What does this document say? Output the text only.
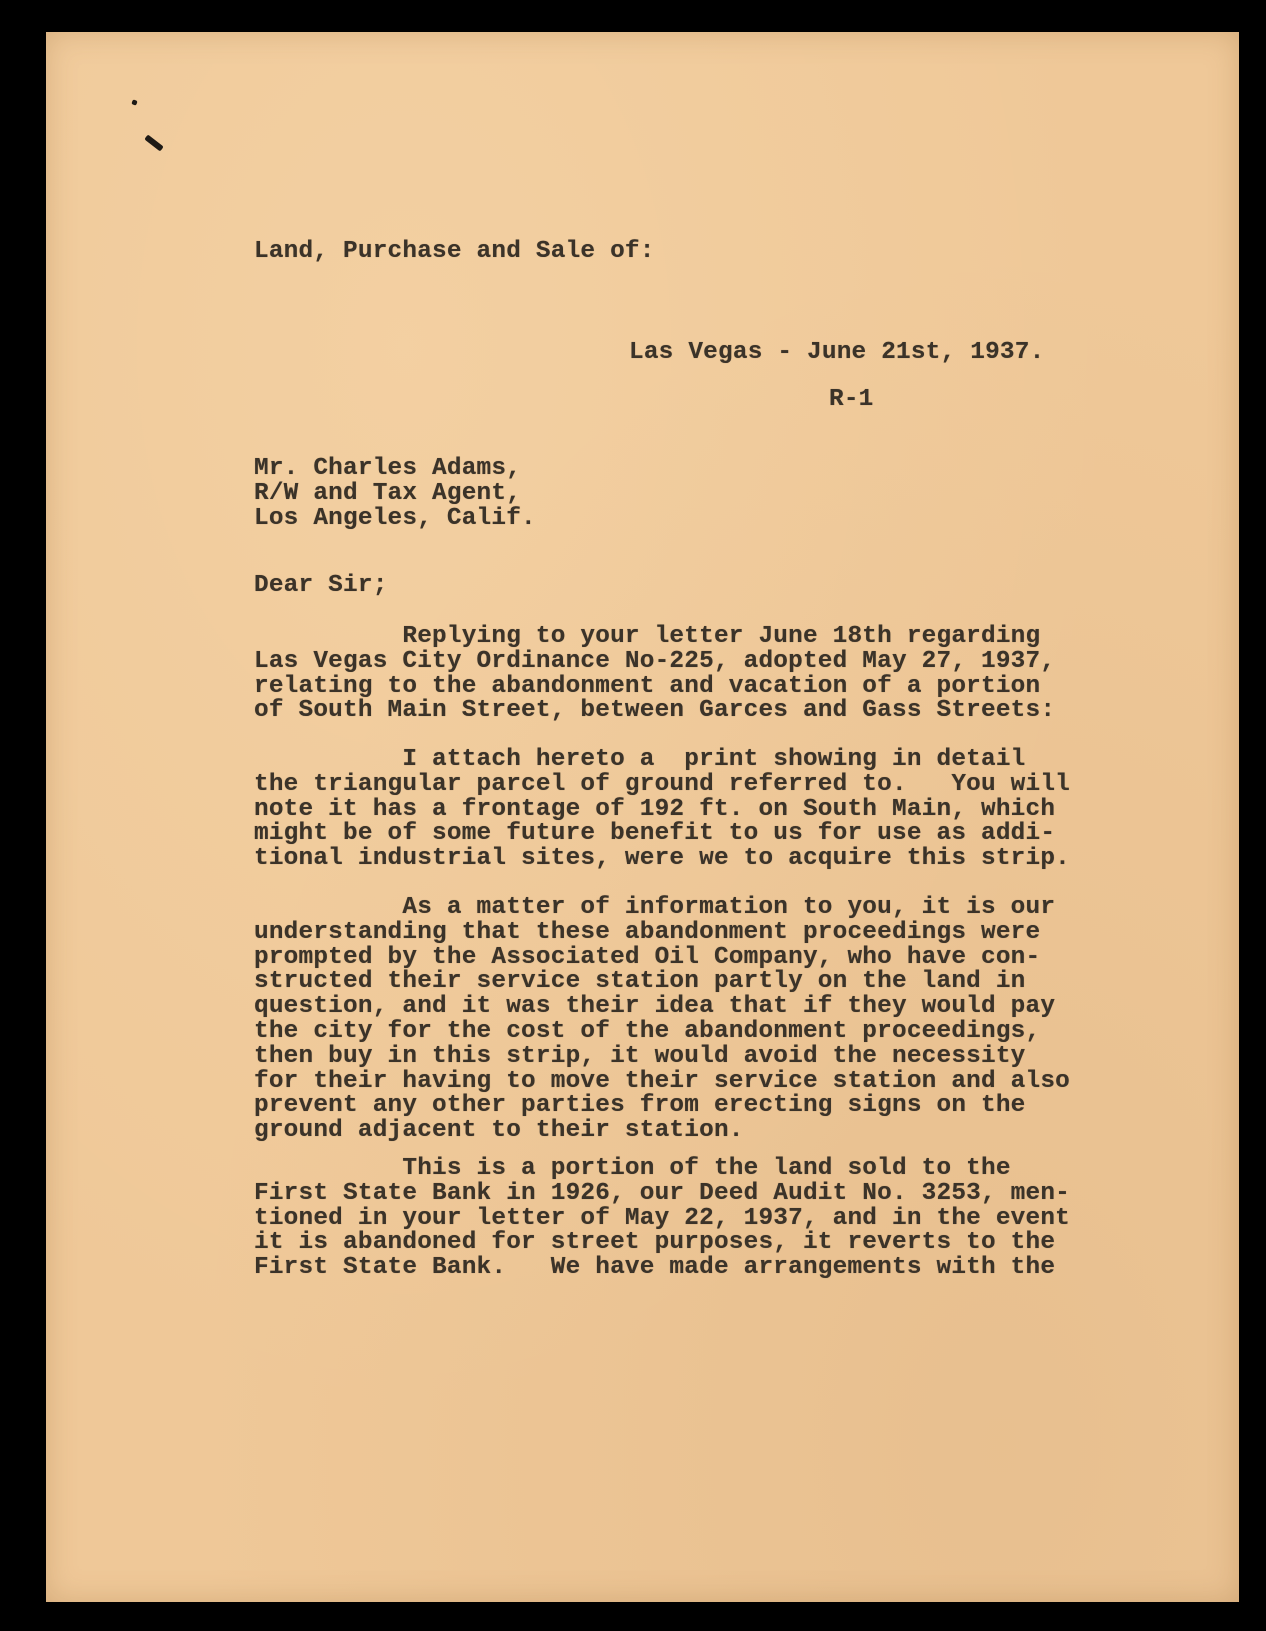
Land, Purchase and Sale of:
Las Vegas - June 21st, 1937.
R-1
Mr. Charles Adams,
R/W and Tax Agent,
Los Angeles, Calif.
Dear Sir;
Replying to your letter June 18th regarding
Las Vegas City Ordinance No-225, adopted May 27, 1937,
relating to the abandonment and vacation of a portion
of South Main Street, between Garces and Gass Streets:
I attach hereto a  print showing in detail
the triangular parcel of ground referred to.   You will
note it has a frontage of 192 ft. on South Main, which
might be of some future benefit to us for use as addi-
tional industrial sites, were we to acquire this strip.
As a matter of information to you, it is our
understanding that these abandonment proceedings were
prompted by the Associated Oil Company, who have con-
structed their service station partly on the land in
question, and it was their idea that if they would pay
the city for the cost of the abandonment proceedings,
then buy in this strip, it would avoid the necessity
for their having to move their service station and also
prevent any other parties from erecting signs on the
ground adjacent to their station.
This is a portion of the land sold to the
First State Bank in 1926, our Deed Audit No. 3253, men-
tioned in your letter of May 22, 1937, and in the event
it is abandoned for street purposes, it reverts to the
First State Bank.   We have made arrangements with the
